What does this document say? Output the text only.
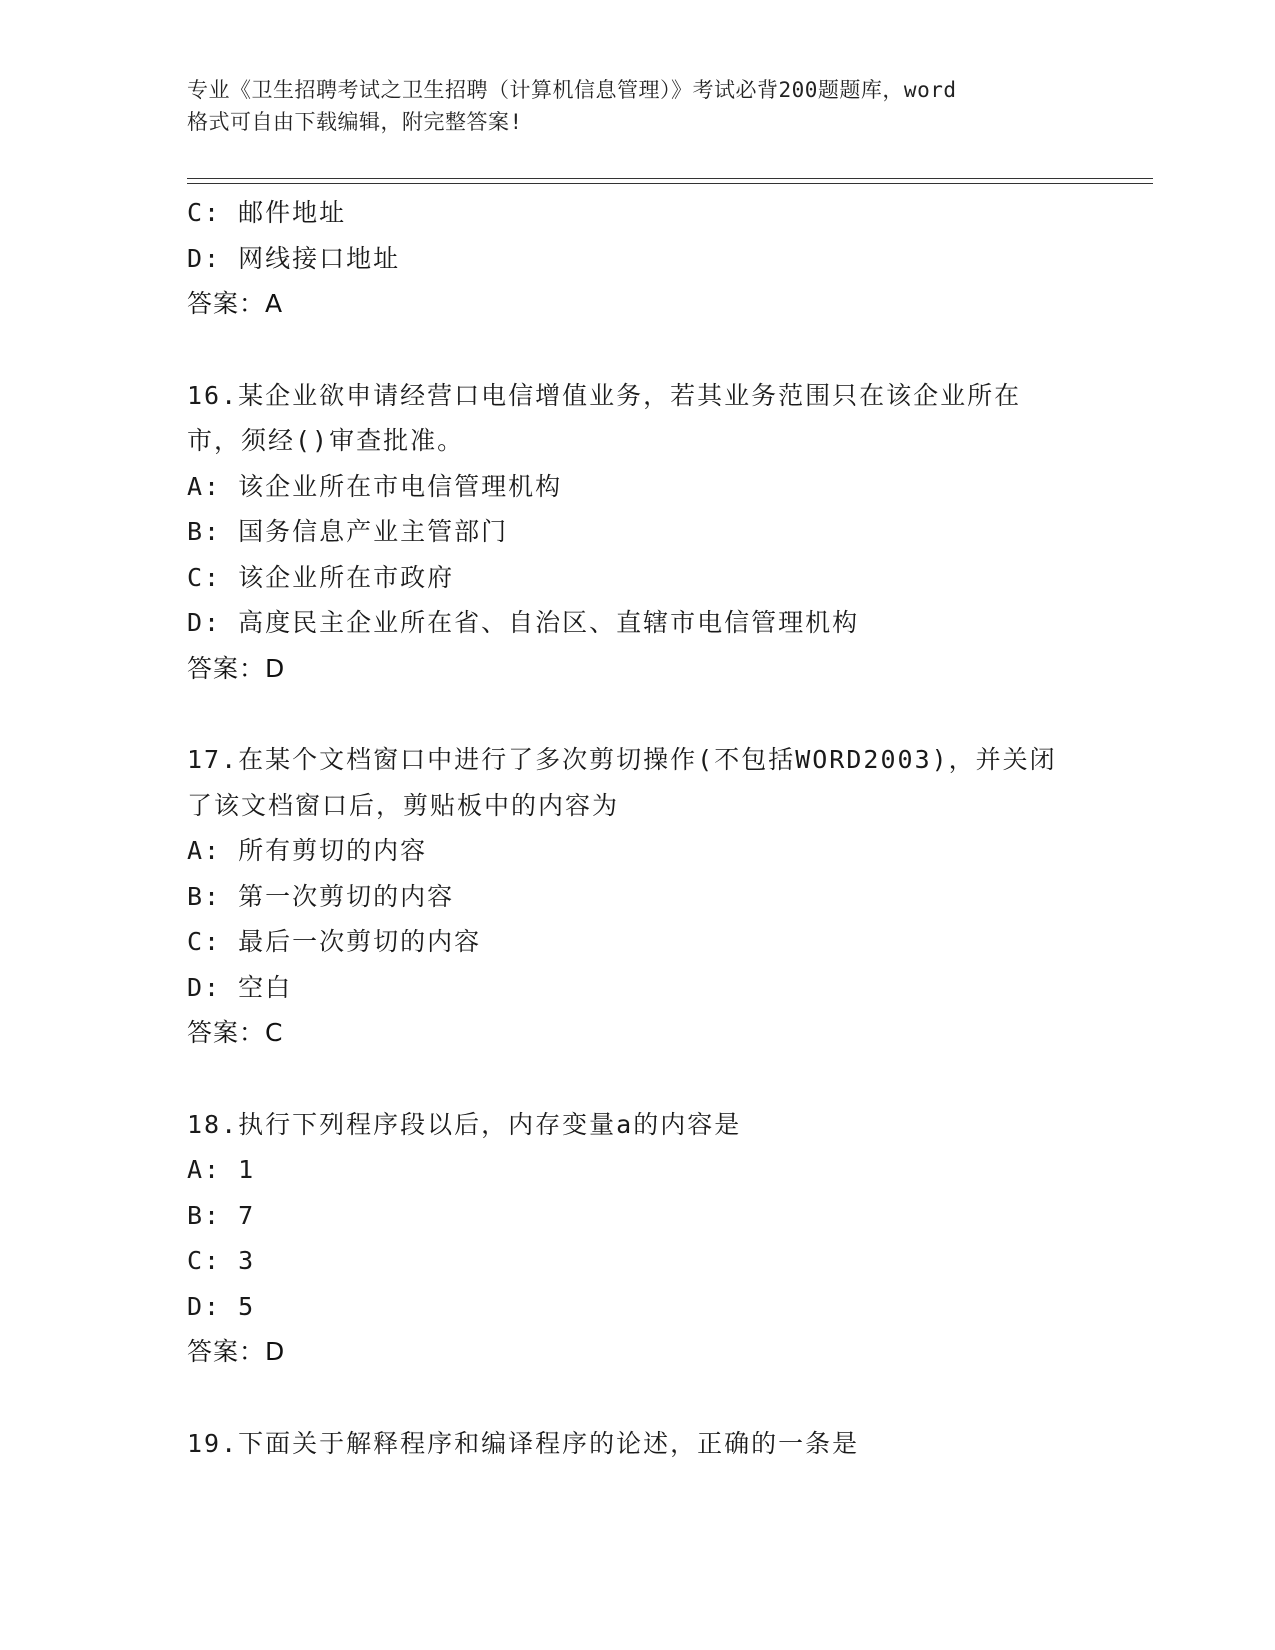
专业《卫生招聘考试之卫生招聘（计算机信息管理）》考试必背200题题库，word
格式可自由下载编辑，附完整答案!
C: 邮件地址
D: 网线接口地址
答案：A
16.某企业欲申请经营口电信增值业务，若其业务范围只在该企业所在
市，须经()审查批准。
A: 该企业所在市电信管理机构
B: 国务信息产业主管部门
C: 该企业所在市政府
D: 高度民主企业所在省、自治区、直辖市电信管理机构
答案：D
17.在某个文档窗口中进行了多次剪切操作(不包括WORD2003)，并关闭
了该文档窗口后，剪贴板中的内容为
A: 所有剪切的内容
B: 第一次剪切的内容
C: 最后一次剪切的内容
D: 空白
答案：C
18.执行下列程序段以后，内存变量a的内容是
A: 1
B: 7
C: 3
D: 5
答案：D
19.下面关于解释程序和编译程序的论述，正确的一条是
